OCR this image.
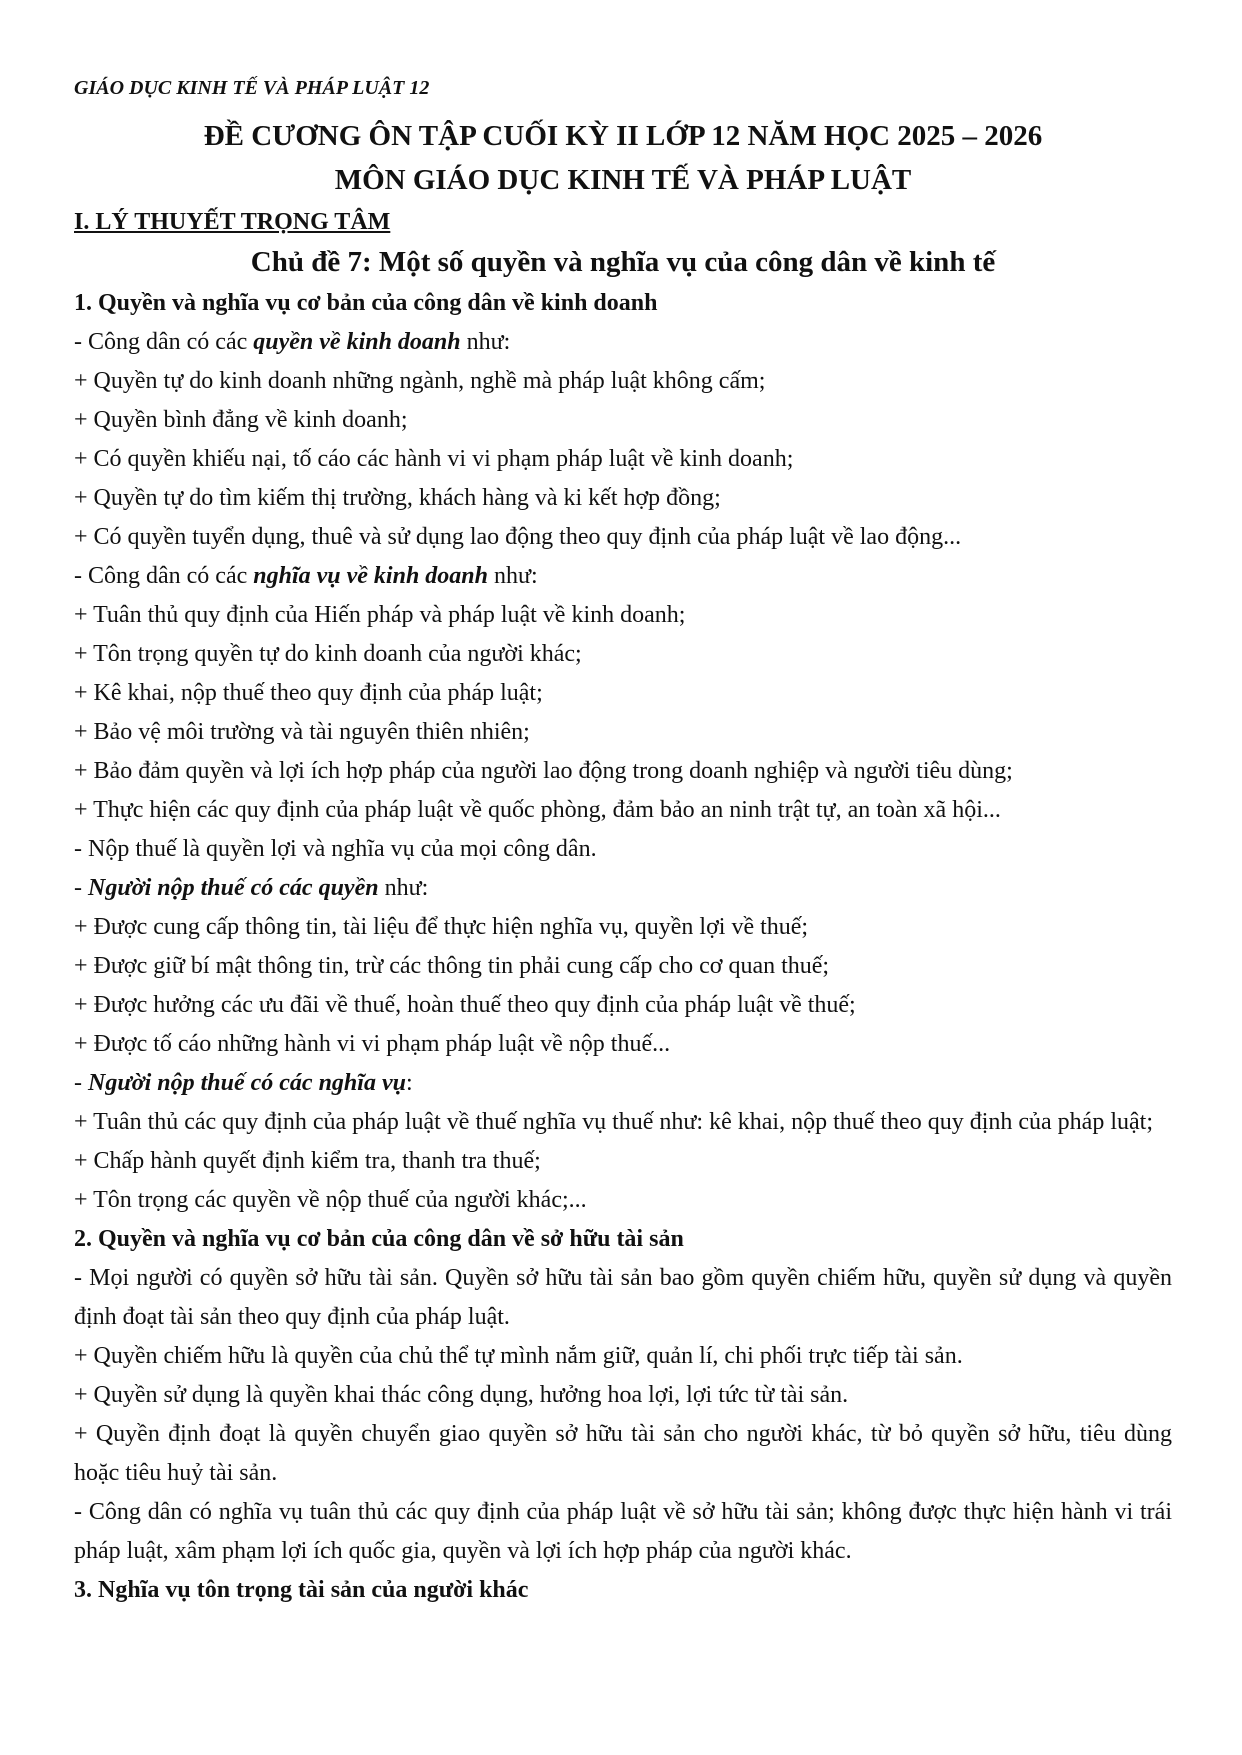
GIÁO DỤC KINH TẾ VÀ PHÁP LUẬT 12
ĐỀ CƯƠNG ÔN TẬP CUỐI KỲ II LỚP 12 NĂM HỌC 2025 – 2026
MÔN GIÁO DỤC KINH TẾ VÀ PHÁP LUẬT
I. LÝ THUYẾT TRỌNG TÂM
Chủ đề 7: Một số quyền và nghĩa vụ của công dân về kinh tế
1. Quyền và nghĩa vụ cơ bản của công dân về kinh doanh
- Công dân có các quyền về kinh doanh như:
+ Quyền tự do kinh doanh những ngành, nghề mà pháp luật không cấm;
+ Quyền bình đẳng về kinh doanh;
+ Có quyền khiếu nại, tố cáo các hành vi vi phạm pháp luật về kinh doanh;
+ Quyền tự do tìm kiếm thị trường, khách hàng và ki kết hợp đồng;
+ Có quyền tuyển dụng, thuê và sử dụng lao động theo quy định của pháp luật về lao động...
- Công dân có các nghĩa vụ về kinh doanh như:
+ Tuân thủ quy định của Hiến pháp và pháp luật về kinh doanh;
+ Tôn trọng quyền tự do kinh doanh của người khác;
+ Kê khai, nộp thuế theo quy định của pháp luật;
+ Bảo vệ môi trường và tài nguyên thiên nhiên;
+ Bảo đảm quyền và lợi ích hợp pháp của người lao động trong doanh nghiệp và người tiêu dùng;
+ Thực hiện các quy định của pháp luật về quốc phòng, đảm bảo an ninh trật tự, an toàn xã hội...
- Nộp thuế là quyền lợi và nghĩa vụ của mọi công dân.
- Người nộp thuế có các quyền như:
+ Được cung cấp thông tin, tài liệu để thực hiện nghĩa vụ, quyền lợi về thuế;
+ Được giữ bí mật thông tin, trừ các thông tin phải cung cấp cho cơ quan thuế;
+ Được hưởng các ưu đãi về thuế, hoàn thuế theo quy định của pháp luật về thuế;
+ Được tố cáo những hành vi vi phạm pháp luật về nộp thuế...
- Người nộp thuế có các nghĩa vụ:
+ Tuân thủ các quy định của pháp luật về thuế nghĩa vụ thuế như: kê khai, nộp thuế theo quy định của pháp luật;
+ Chấp hành quyết định kiểm tra, thanh tra thuế;
+ Tôn trọng các quyền về nộp thuế của người khác;...
2. Quyền và nghĩa vụ cơ bản của công dân về sở hữu tài sản
- Mọi người có quyền sở hữu tài sản. Quyền sở hữu tài sản bao gồm quyền chiếm hữu, quyền sử dụng và quyền định đoạt tài sản theo quy định của pháp luật.
+ Quyền chiếm hữu là quyền của chủ thể tự mình nắm giữ, quản lí, chi phối trực tiếp tài sản.
+ Quyền sử dụng là quyền khai thác công dụng, hưởng hoa lợi, lợi tức từ tài sản.
+ Quyền định đoạt là quyền chuyển giao quyền sở hữu tài sản cho người khác, từ bỏ quyền sở hữu, tiêu dùng hoặc tiêu huỷ tài sản.
- Công dân có nghĩa vụ tuân thủ các quy định của pháp luật về sở hữu tài sản; không được thực hiện hành vi trái pháp luật, xâm phạm lợi ích quốc gia, quyền và lợi ích hợp pháp của người khác.
3. Nghĩa vụ tôn trọng tài sản của người khác
